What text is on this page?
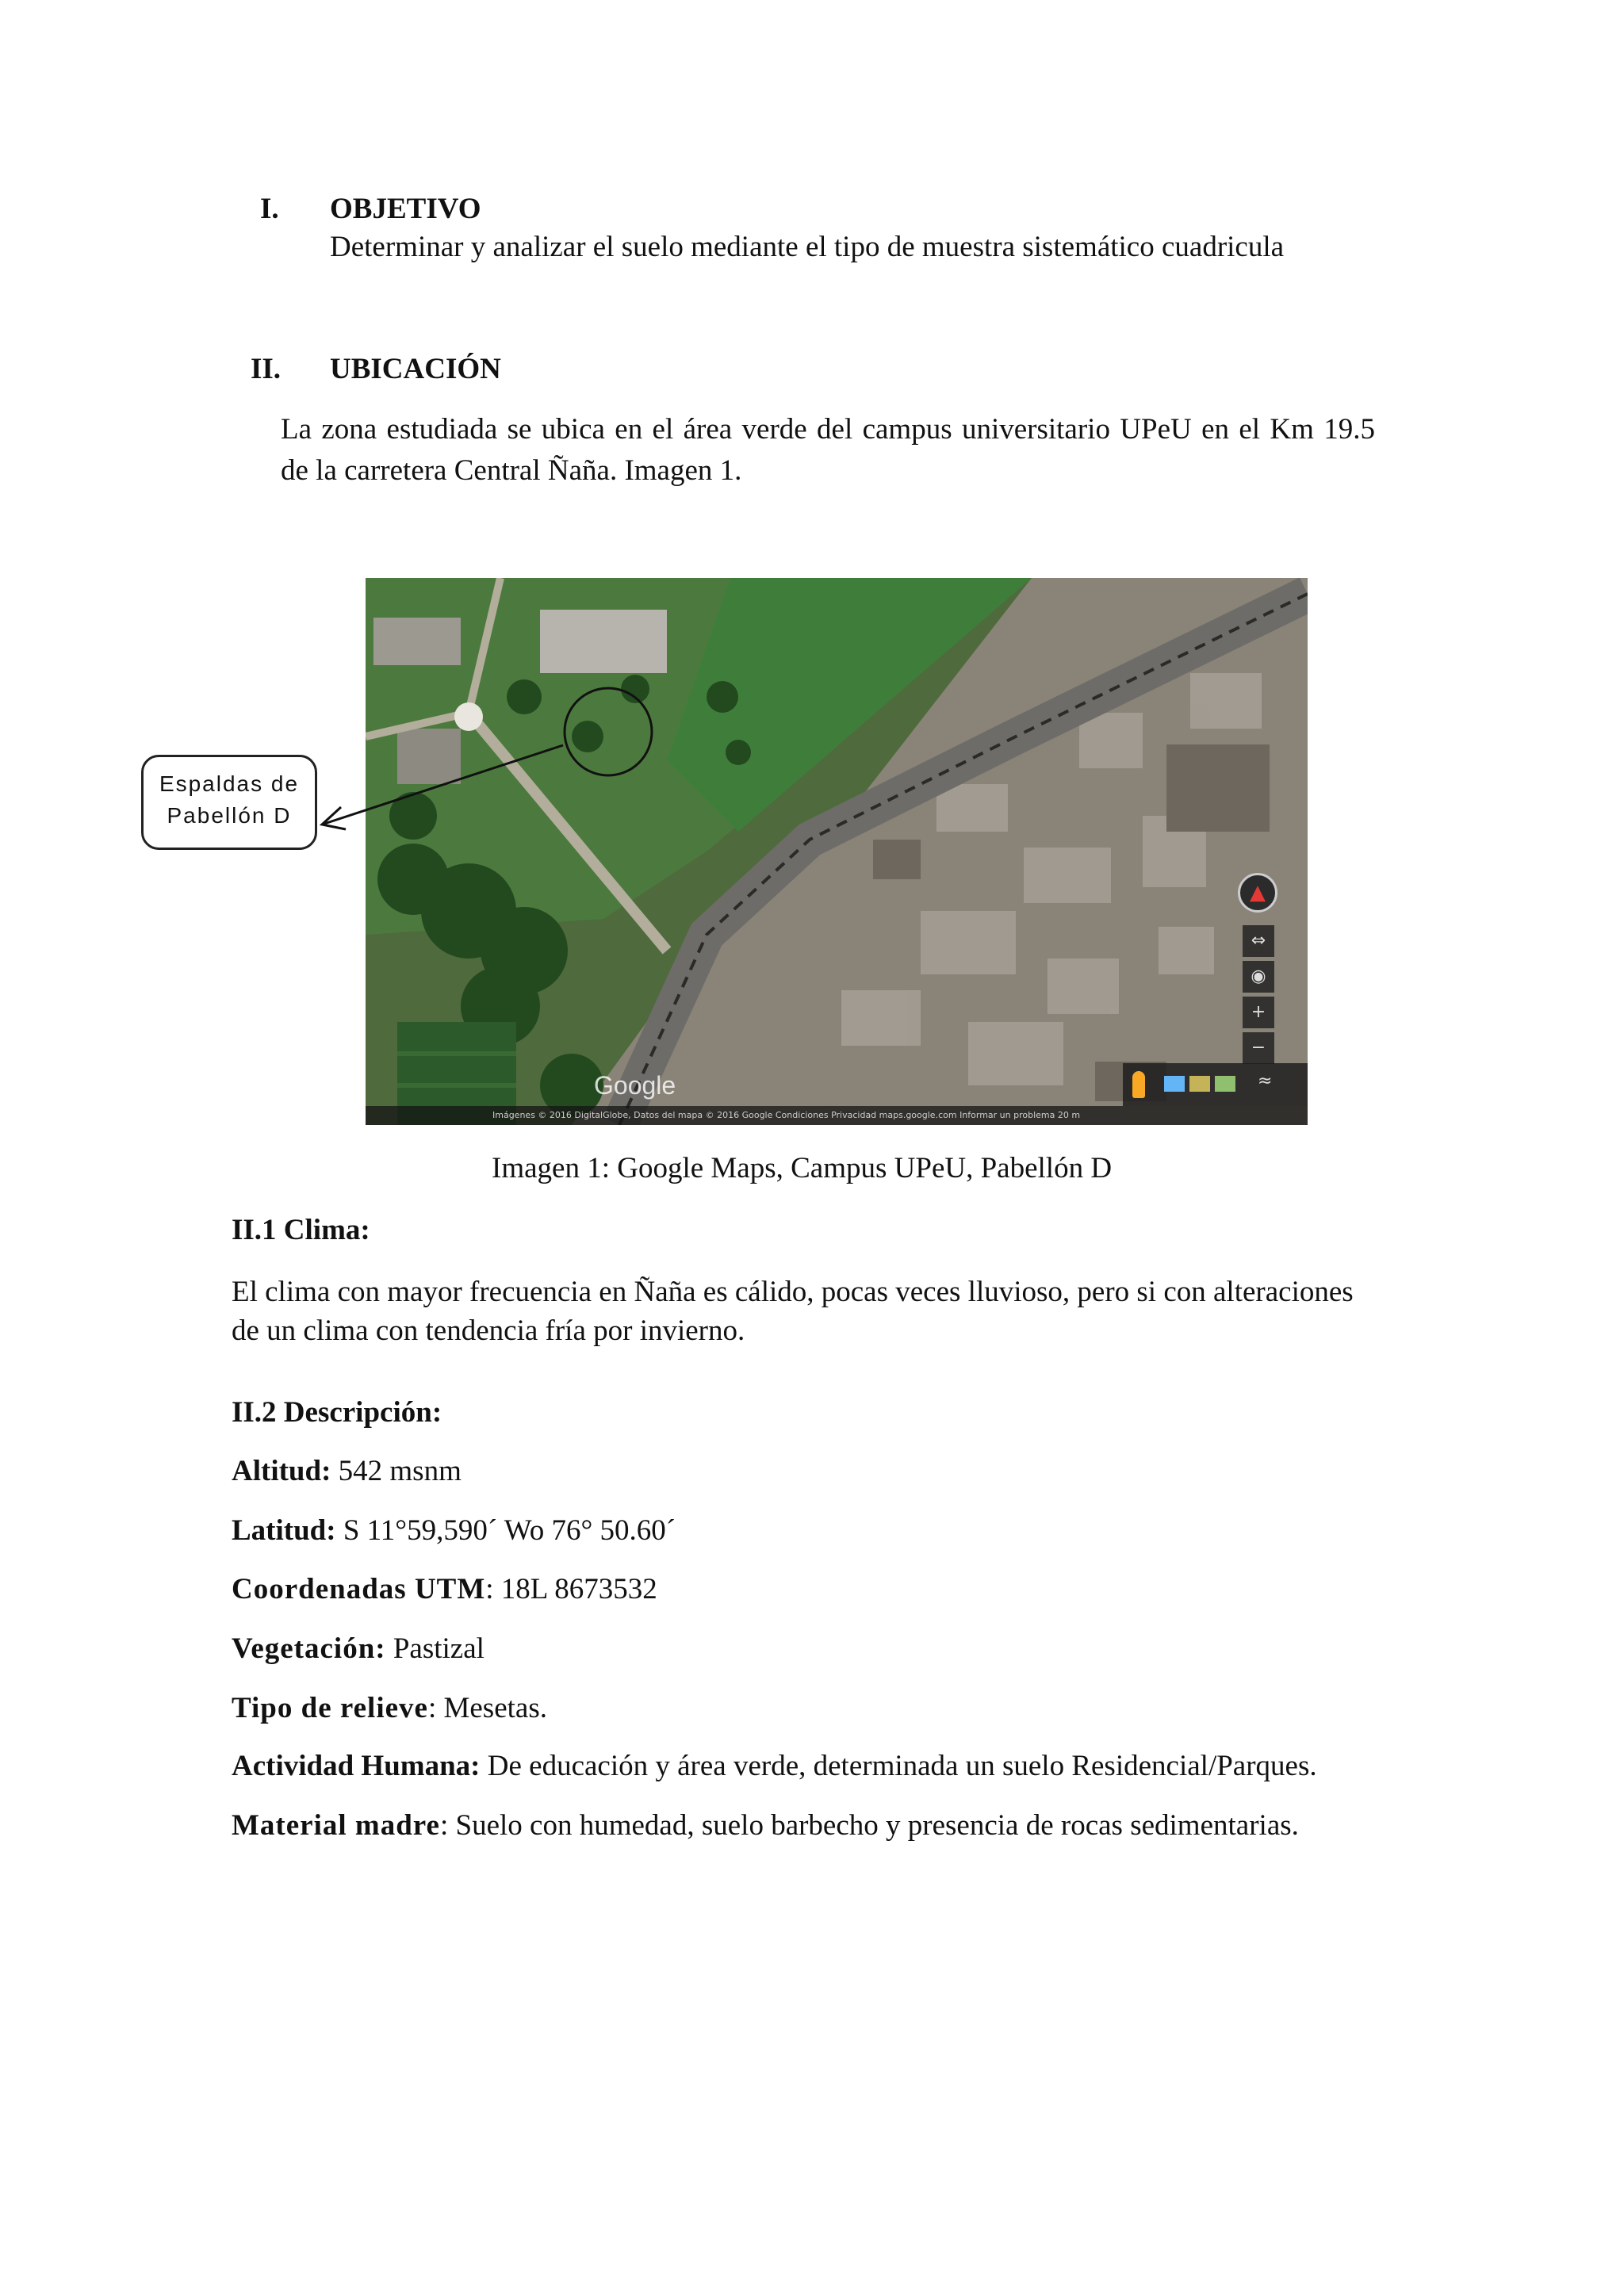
I. OBJETIVO
Determinar y analizar el suelo mediante el tipo de muestra sistemático cuadricula
II. UBICACIÓN
La zona estudiada se ubica en el área verde del campus universitario UPeU en el Km 19.5
de la carretera Central Ñaña. Imagen 1.
Espaldas de
Pabellón D
Google
▲
⇔
◉
+
−
≈
Imágenes © 2016 DigitalGlobe, Datos del mapa © 2016 Google Condiciones Privacidad maps.google.com Informar un problema 20 m
Imagen 1: Google Maps, Campus UPeU, Pabellón D
II.1 Clima:
El clima con mayor frecuencia en Ñaña es cálido, pocas veces lluvioso, pero si con alteraciones
de un clima con tendencia fría por invierno.
II.2 Descripción:
Altitud: 542 msnm
Latitud: S 11°59,590´ Wo 76° 50.60´
Coordenadas UTM: 18L 8673532
Vegetación: Pastizal
Tipo de relieve: Mesetas.
Actividad Humana: De educación y área verde, determinada un suelo Residencial/Parques.
Material madre: Suelo con humedad, suelo barbecho y presencia de rocas sedimentarias.
